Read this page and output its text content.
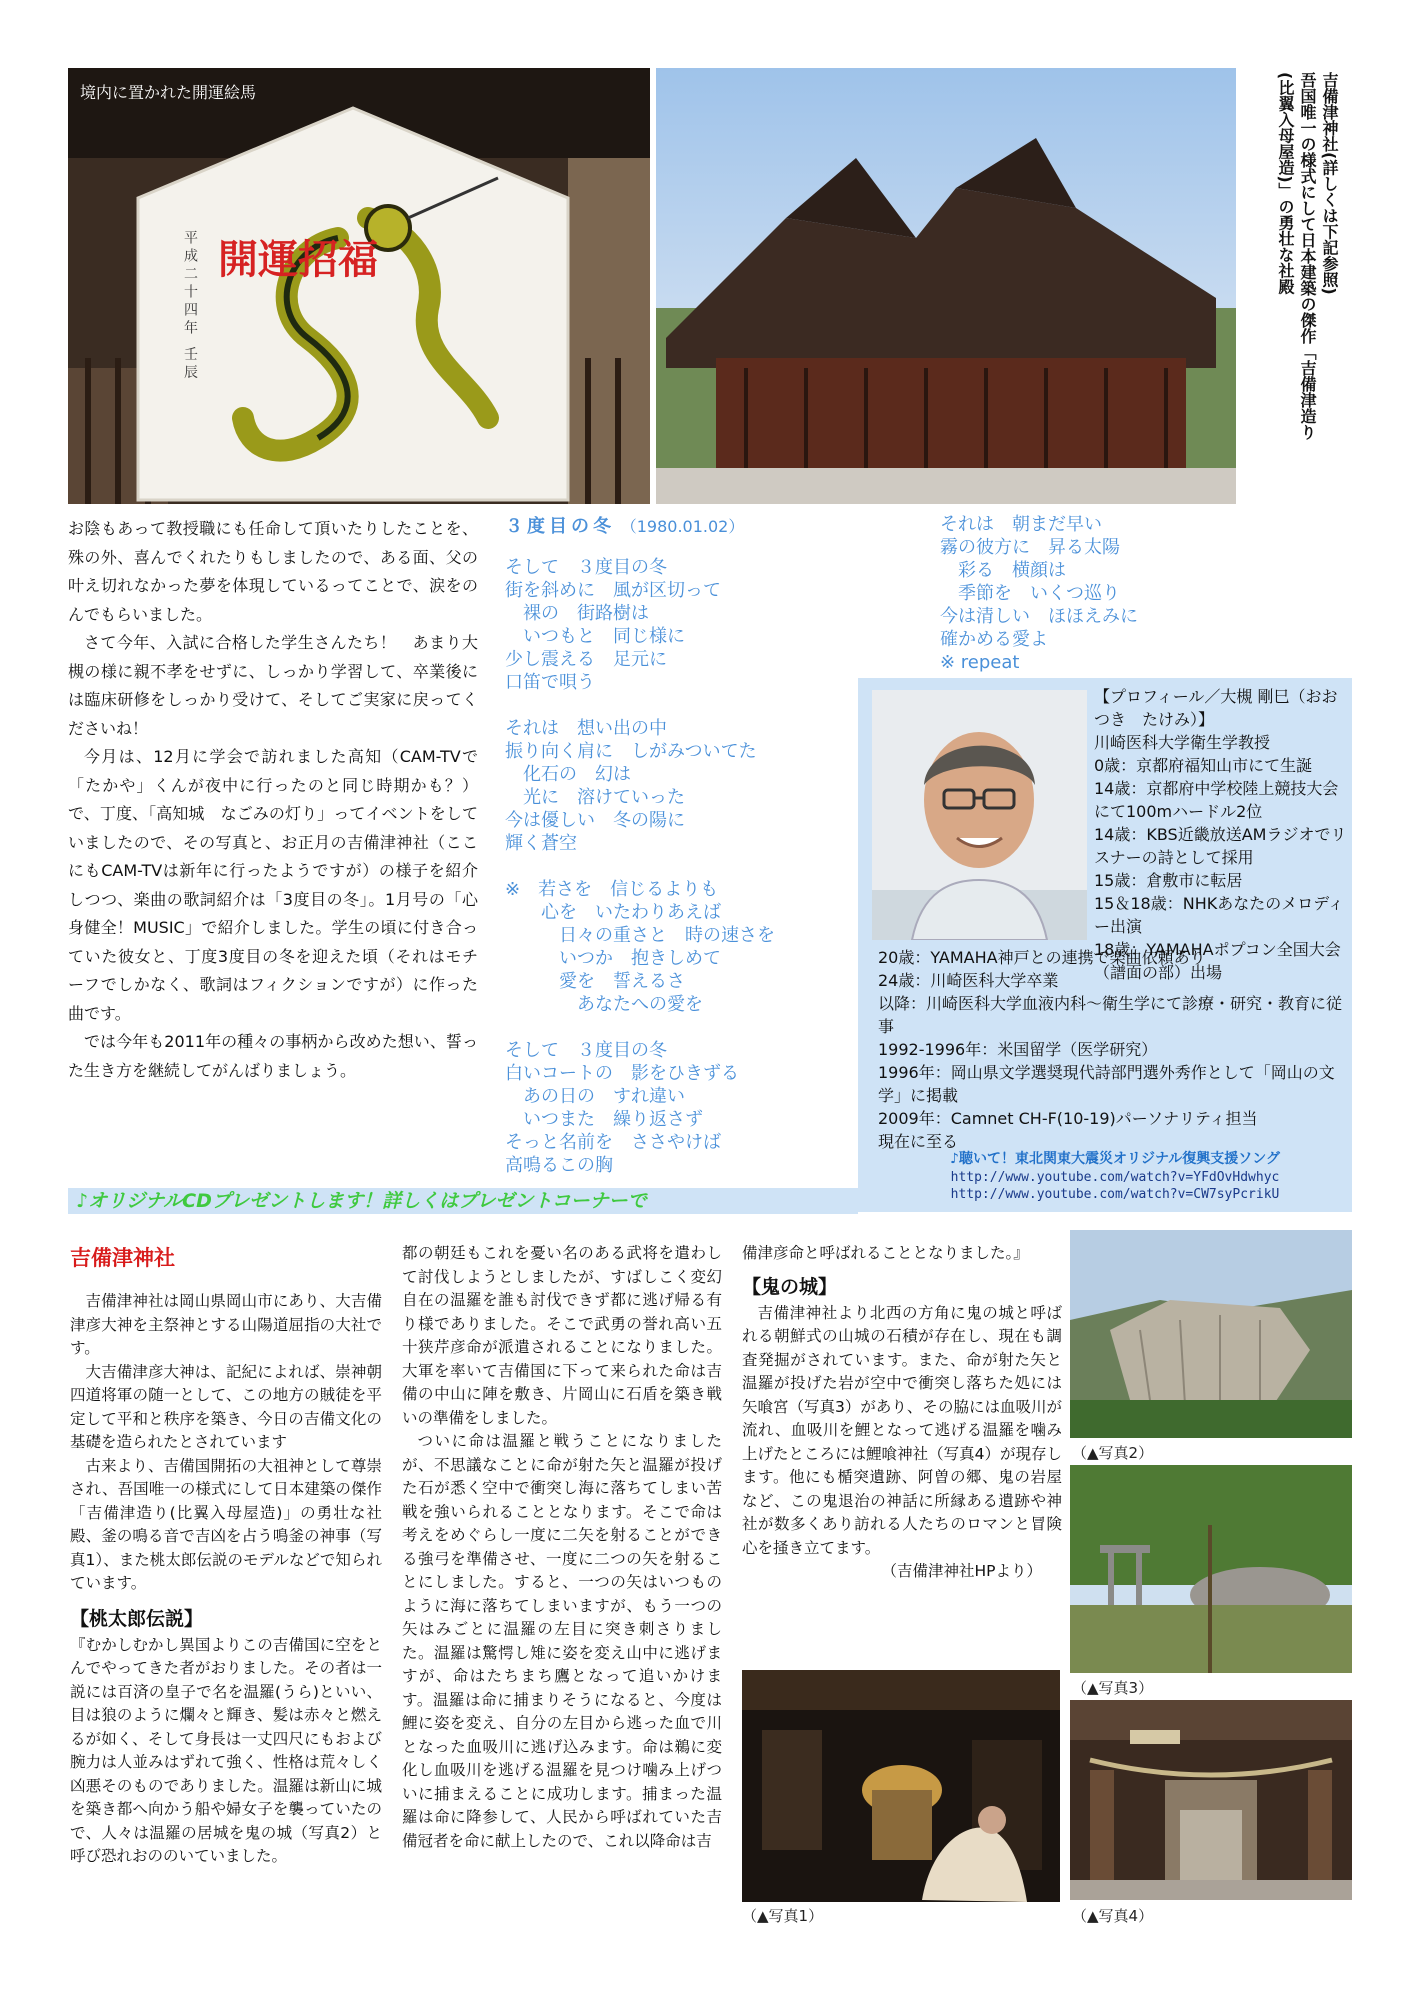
開運招福
境内に置かれた開運絵馬
平成二十四年 壬辰
吉備津神社(詳しくは下記参照)
吾国唯一の様式にして日本建築の傑作「吉備津造り
(比翼入母屋造)」の勇壮な社殿

お陰もあって教授職にも任命して頂いたりしたことを、殊の外、喜んでくれたりもしましたので、ある面、父の叶え切れなかった夢を体現しているってことで、涙をのんでもらいました。

さて今年、入試に合格した学生さんたち！　あまり大槻の様に親不孝をせずに、しっかり学習して、卒業後には臨床研修をしっかり受けて、そしてご実家に戻ってくださいね！

今月は、12月に学会で訪れました高知（CAM-TVで「たかや」くんが夜中に行ったのと同じ時期かも？）で、丁度、「高知城　なごみの灯り」ってイベントをしていましたので、その写真と、お正月の吉備津神社（ここにもCAM-TVは新年に行ったようですが）の様子を紹介しつつ、楽曲の歌詞紹介は「3度目の冬」。1月号の「心身健全！MUSIC」で紹介しました。学生の頃に付き合っていた彼女と、丁度3度目の冬を迎えた頃（それはモチーフでしかなく、歌詞はフィクションですが）に作った曲です。

では今年も2011年の種々の事柄から改めた想い、誓った生き方を継続してがんばりましょう。

３度目の冬 （1980.01.02）
そして　３度目の冬
街を斜めに　風が区切って
　裸の　街路樹は
　いつもと　同じ様に
少し震える　足元に
口笛で唄う
それは　想い出の中
振り向く肩に　しがみついてた
　化石の　幻は
　光に　溶けていった
今は優しい　冬の陽に
輝く蒼空
※　若さを　信じるよりも
　　心を　いたわりあえば
　　　日々の重さと　時の速さを
　　　いつか　抱きしめて
　　　愛を　誓えるさ
　　　　あなたへの愛を
そして　３度目の冬
白いコートの　影をひきずる
　あの日の　すれ違い
　いつまた　繰り返さず
そっと名前を　ささやけば
高鳴るこの胸
それは　朝まだ早い
霧の彼方に　昇る太陽
　彩る　横顔は
　季節を　いくつ巡り
今は清しい　ほほえみに
確かめる愛よ
※ repeat
【プロフィール／大槻 剛巳（おおつき　たけみ）】
川崎医科大学衛生学教授
0歳：京都府福知山市にて生誕
14歳：京都府中学校陸上競技大会にて100mハードル2位
14歳：KBS近畿放送AMラジオでリスナーの詩として採用
15歳：倉敷市に転居
15＆18歳：NHKあなたのメロディー出演
18歳：YAMAHAポプコン全国大会（譜面の部）出場
20歳：YAMAHA神戸との連携で楽曲依頼あり
24歳：川崎医科大学卒業
以降：川崎医科大学血液内科～衛生学にて診療・研究・教育に従事
1992-1996年：米国留学（医学研究）
1996年：岡山県文学選奨現代詩部門選外秀作として「岡山の文学」に掲載
2009年：Camnet CH-F(10-19)パーソナリティ担当
現在に至る
♪聴いて！東北関東大震災オリジナル復興支援ソング
http://www.youtube.com/watch?v=YFdOvHdwhyc
http://www.youtube.com/watch?v=CW7syPcrikU
♪オリジナルCDプレゼントします！詳しくはプレゼントコーナーで
吉備津神社

吉備津神社は岡山県岡山市にあり、大吉備津彦大神を主祭神とする山陽道屈指の大社です。

大吉備津彦大神は、記紀によれば、崇神朝四道将軍の随一として、この地方の賊徒を平定して平和と秩序を築き、今日の吉備文化の基礎を造られたとされています

古来より、吉備国開拓の大祖神として尊崇され、吾国唯一の様式にして日本建築の傑作「吉備津造り(比翼入母屋造)」の勇壮な社殿、釜の鳴る音で吉凶を占う鳴釜の神事（写真1）、また桃太郎伝説のモデルなどで知られています。

【桃太郎伝説】

『むかしむかし異国よりこの吉備国に空をとんでやってきた者がおりました。その者は一説には百済の皇子で名を温羅(うら)といい、目は狼のように爛々と輝き、髪は赤々と燃えるが如く、そして身長は一丈四尺にもおよび腕力は人並みはずれて強く、性格は荒々しく凶悪そのものでありました。温羅は新山に城を築き都へ向かう船や婦女子を襲っていたので、人々は温羅の居城を鬼の城（写真2）と呼び恐れおののいていました。

都の朝廷もこれを憂い名のある武将を遣わして討伐しようとしましたが、すばしこく変幻自在の温羅を誰も討伐できず都に逃げ帰る有り様でありました。そこで武勇の誉れ高い五十狭芹彦命が派遣されることになりました。大軍を率いて吉備国に下って来られた命は吉備の中山に陣を敷き、片岡山に石盾を築き戦いの準備をしました。

ついに命は温羅と戦うことになりましたが、不思議なことに命が射た矢と温羅が投げた石が悉く空中で衝突し海に落ちてしまい苦戦を強いられることとなります。そこで命は考えをめぐらし一度に二矢を射ることができる強弓を準備させ、一度に二つの矢を射ることにしました。すると、一つの矢はいつものように海に落ちてしまいますが、もう一つの矢はみごとに温羅の左目に突き刺さりました。温羅は驚愕し雉に姿を変え山中に逃げますが、命はたちまち鷹となって追いかけます。温羅は命に捕まりそうになると、今度は鯉に姿を変え、自分の左目から逃った血で川となった血吸川に逃げ込みます。命は鵜に変化し血吸川を逃げる温羅を見つけ噛み上げついに捕まえることに成功します。捕まった温羅は命に降参して、人民から呼ばれていた吉備冠者を命に献上したので、これ以降命は吉

備津彦命と呼ばれることとなりました。』

【鬼の城】

吉備津神社より北西の方角に鬼の城と呼ばれる朝鮮式の山城の石積が存在し、現在も調査発掘がされています。また、命が射た矢と温羅が投げた岩が空中で衝突し落ちた処には矢喰宮（写真3）があり、その脇には血吸川が流れ、血吸川を鯉となって逃げる温羅を噛み上げたところには鯉喰神社（写真4）が現存します。他にも楯突遺跡、阿曽の郷、鬼の岩屋など、この鬼退治の神話に所縁ある遺跡や神社が数多くあり訪れる人たちのロマンと冒険心を掻き立てます。

（吉備津神社HPより）
（▲写真1）
（▲写真2）
（▲写真3）
（▲写真4）
